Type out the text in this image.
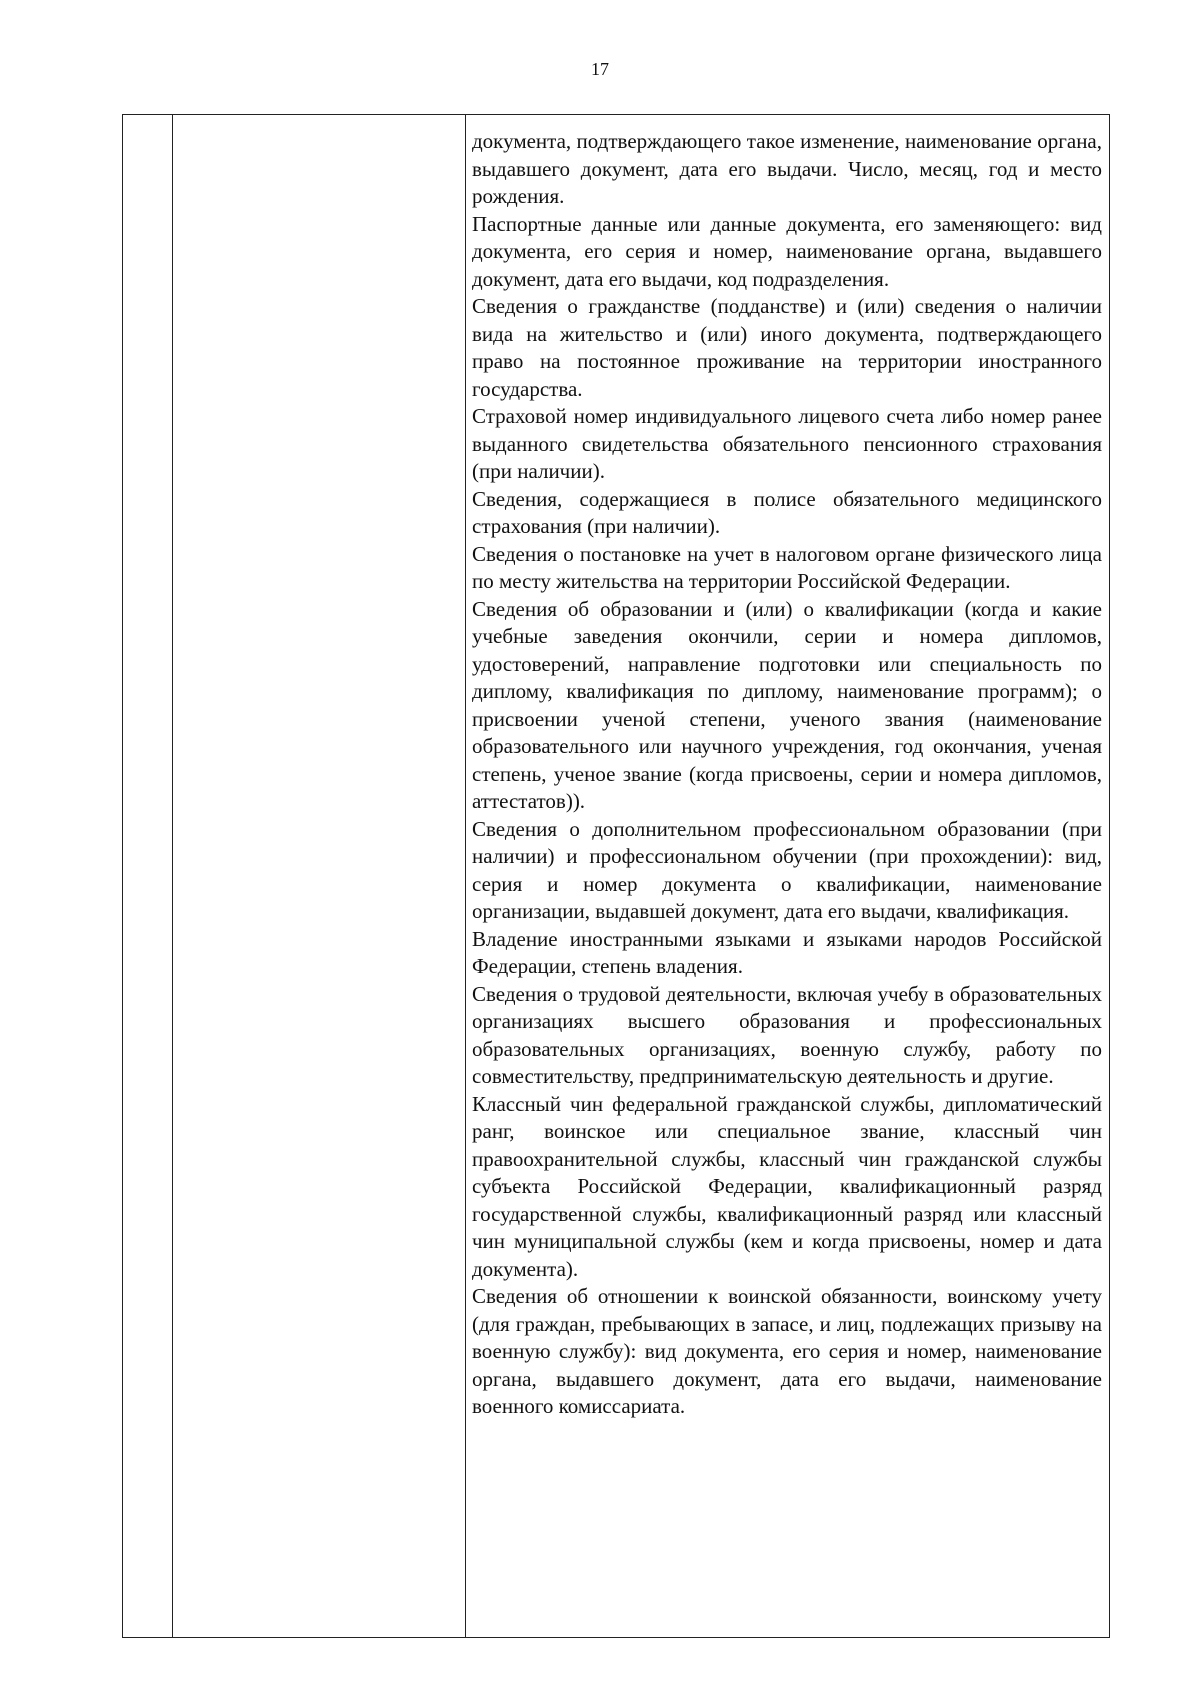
17

документа, подтверждающего такое изменение, наименование органа, выдавшего документ, дата его выдачи. Число, месяц, год и место рождения.

Паспортные данные или данные документа, его заменяющего: вид документа, его серия и номер, наименование органа, выдавшего документ, дата его выдачи, код подразделения.

Сведения о гражданстве (подданстве) и (или) сведения о наличии вида на жительство и (или) иного документа, подтверждающего право на постоянное проживание на территории иностранного государства.

Страховой номер индивидуального лицевого счета либо номер ранее выданного свидетельства обязательного пенсионного страхования (при наличии).

Сведения, содержащиеся в полисе обязательного медицинского страхования (при наличии).

Сведения о постановке на учет в налоговом органе физического лица по месту жительства на территории Российской Федерации.

Сведения об образовании и (или) о квалификации (когда и какие учебные заведения окончили, серии и номера дипломов, удостоверений, направление подготовки или специальность по диплому, квалификация по диплому, наименование программ); о присвоении ученой степени, ученого звания (наименование образовательного или научного учреждения, год окончания, ученая степень, ученое звание (когда присвоены, серии и номера дипломов, аттестатов)).

Сведения о дополнительном профессиональном образовании (при наличии) и профессиональном обучении (при прохождении): вид, серия и номер документа о квалификации, наименование организации, выдавшей документ, дата его выдачи, квалификация.

Владение иностранными языками и языками народов Российской Федерации, степень владения.

Сведения о трудовой деятельности, включая учебу в образовательных организациях высшего образования и профессиональных образовательных организациях, военную службу, работу по совместительству, предпринимательскую деятельность и другие.

Классный чин федеральной гражданской службы, дипломатический ранг, воинское или специальное звание, классный чин правоохранительной службы, классный чин гражданской службы субъекта Российской Федерации, квалификационный разряд государственной службы, квалификационный разряд или классный чин муниципальной службы (кем и когда присвоены, номер и дата документа).

Сведения об отношении к воинской обязанности, воинскому учету (для граждан, пребывающих в запасе, и лиц, подлежащих призыву на военную службу): вид документа, его серия и номер, наименование органа, выдавшего документ, дата его выдачи, наименование военного комиссариата.
